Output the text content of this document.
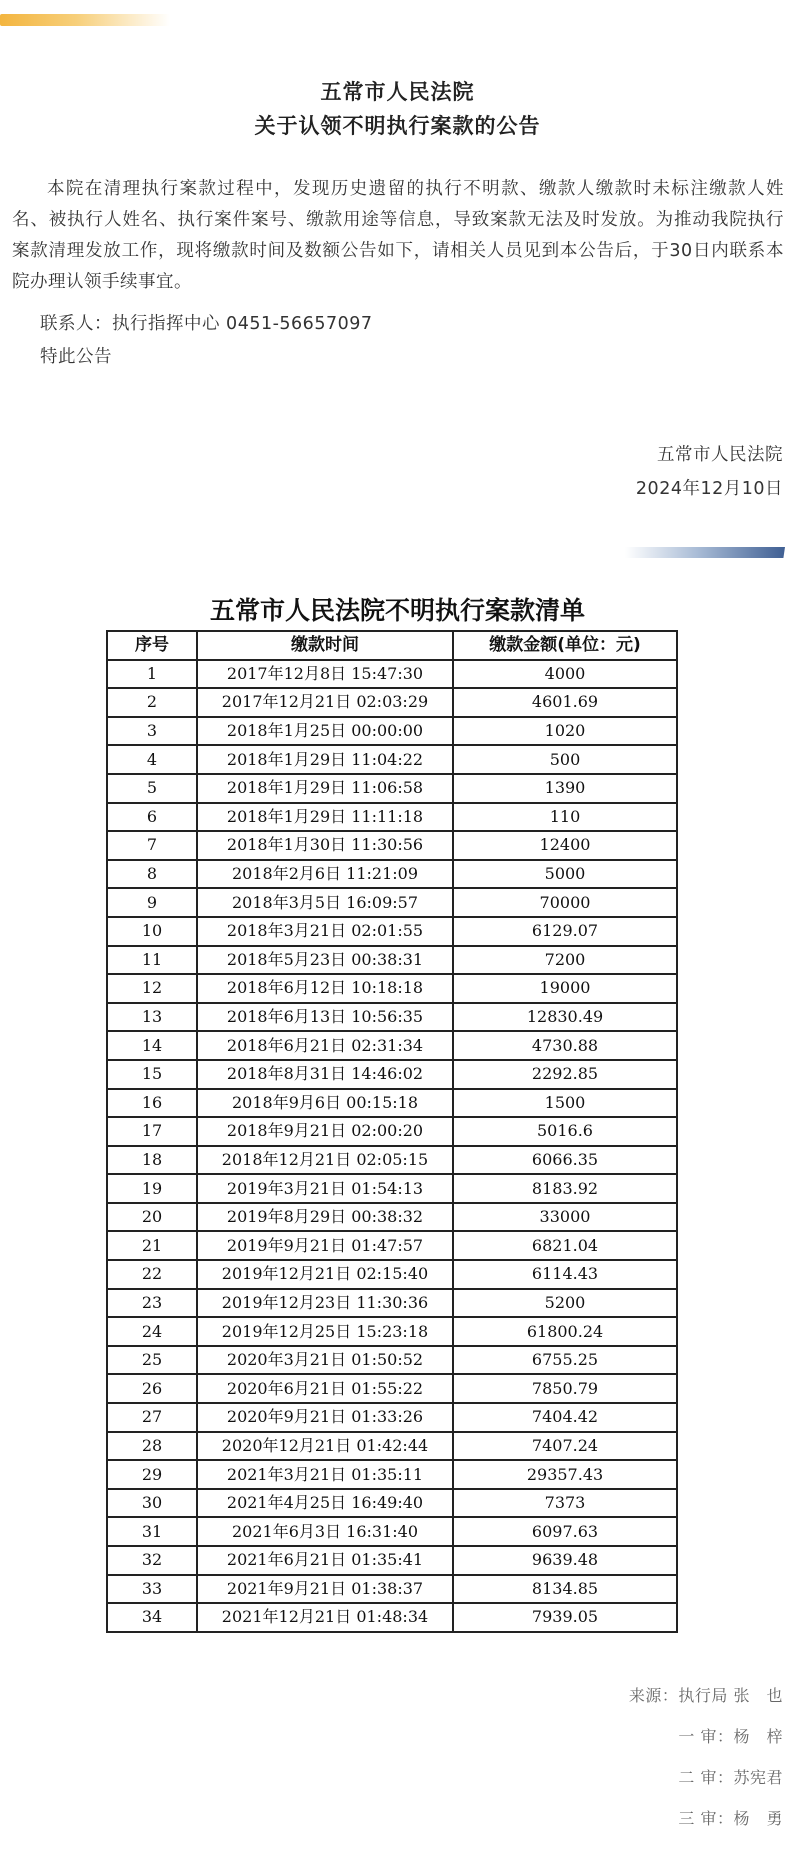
五常市人民法院
关于认领不明执行案款的公告

本院在清理执行案款过程中，发现历史遗留的执行不明款、缴款人缴款时未标注缴款人姓名、被执行人姓名、执行案件案号、缴款用途等信息，导致案款无法及时发放。为推动我院执行案款清理发放工作，现将缴款时间及数额公告如下，请相关人员见到本公告后，于30日内联系本院办理认领手续事宜。

联系人：执行指挥中心 0451-56657097
特此公告
五常市人民法院
2024年12月10日
五常市人民法院不明执行案款清单
序号	缴款时间	缴款金额(单位：元)
1	2017年12月8日 15:47:30	4000
2	2017年12月21日 02:03:29	4601.69
3	2018年1月25日 00:00:00	1020
4	2018年1月29日 11:04:22	500
5	2018年1月29日 11:06:58	1390
6	2018年1月29日 11:11:18	110
7	2018年1月30日 11:30:56	12400
8	2018年2月6日 11:21:09	5000
9	2018年3月5日 16:09:57	70000
10	2018年3月21日 02:01:55	6129.07
11	2018年5月23日 00:38:31	7200
12	2018年6月12日 10:18:18	19000
13	2018年6月13日 10:56:35	12830.49
14	2018年6月21日 02:31:34	4730.88
15	2018年8月31日 14:46:02	2292.85
16	2018年9月6日 00:15:18	1500
17	2018年9月21日 02:00:20	5016.6
18	2018年12月21日 02:05:15	6066.35
19	2019年3月21日 01:54:13	8183.92
20	2019年8月29日 00:38:32	33000
21	2019年9月21日 01:47:57	6821.04
22	2019年12月21日 02:15:40	6114.43
23	2019年12月23日 11:30:36	5200
24	2019年12月25日 15:23:18	61800.24
25	2020年3月21日 01:50:52	6755.25
26	2020年6月21日 01:55:22	7850.79
27	2020年9月21日 01:33:26	7404.42
28	2020年12月21日 01:42:44	7407.24
29	2021年3月21日 01:35:11	29357.43
30	2021年4月25日 16:49:40	7373
31	2021年6月3日 16:31:40	6097.63
32	2021年6月21日 01:35:41	9639.48
33	2021年9月21日 01:38:37	8134.85
34	2021年12月21日 01:48:34	7939.05
来源：执行局 张　也
一 审：杨　梓
二 审：苏宪君
三 审：杨　勇
